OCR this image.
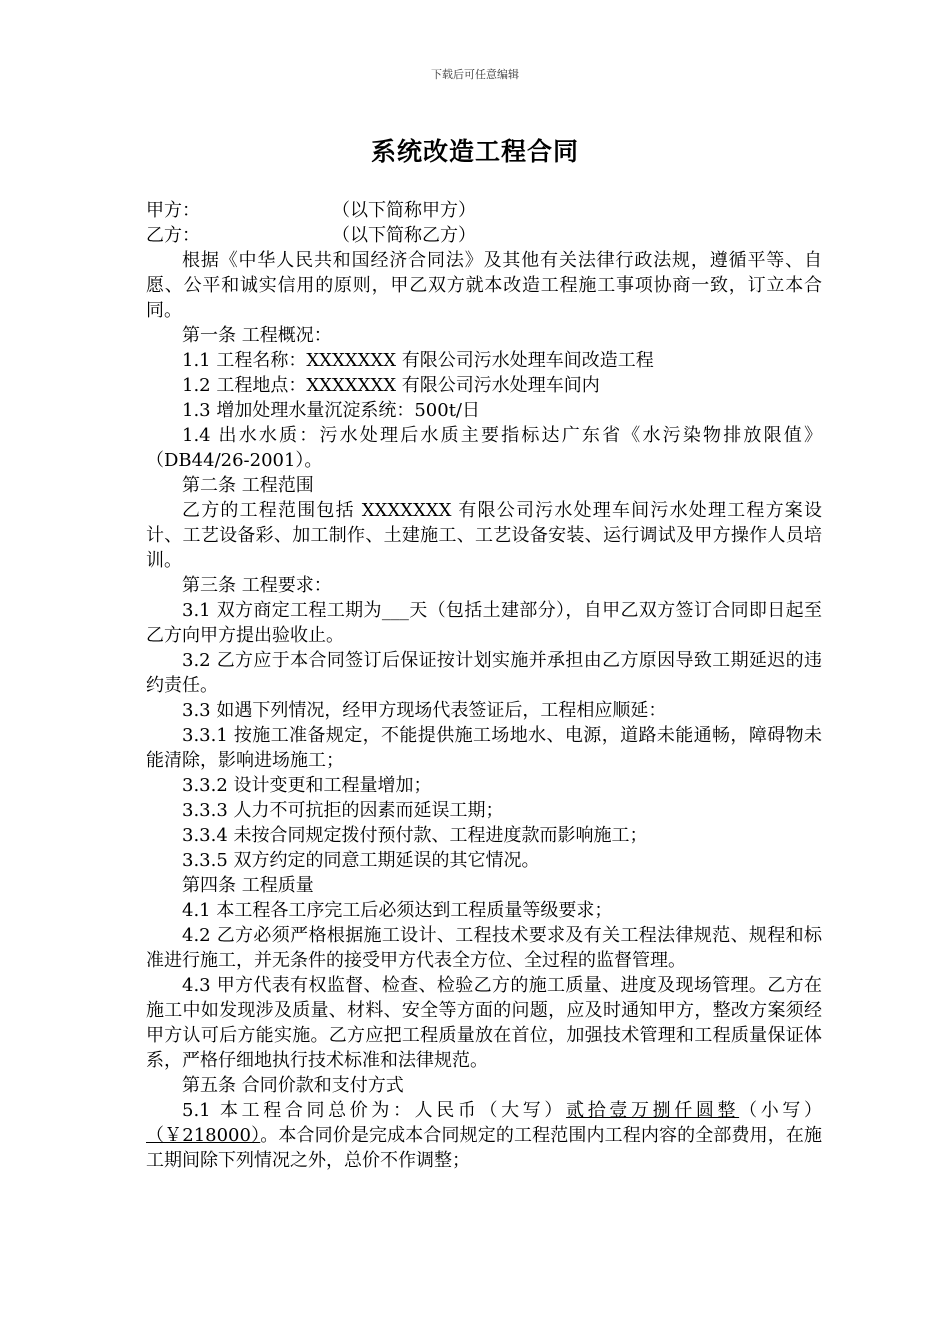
下载后可任意编辑
系统改造工程合同

甲方：	（以下简称甲方）

乙方：	（以下简称乙方）

根据《中华人民共和国经济合同法》及其他有关法律行政法规，遵循平等、自愿、公平和诚实信用的原则，甲乙双方就本改造工程施工事项协商一致，订立本合同。

第一条 工程概况：

1.1 工程名称：XXXXXXX 有限公司污水处理车间改造工程

1.2 工程地点：XXXXXXX 有限公司污水处理车间内

1.3 增加处理水量沉淀系统：500t/日

1.4 出水水质：污水处理后水质主要指标达广东省《水污染物排放限值》（DB44/26-2001）。

第二条 工程范围

乙方的工程范围包括 XXXXXXX 有限公司污水处理车间污水处理工程方案设计、工艺设备彩、加工制作、土建施工、工艺设备安装、运行调试及甲方操作人员培训。

第三条 工程要求：

3.1 双方商定工程工期为___天（包括土建部分），自甲乙双方签订合同即日起至乙方向甲方提出验收止。

3.2 乙方应于本合同签订后保证按计划实施并承担由乙方原因导致工期延迟的违约责任。

3.3 如遇下列情况，经甲方现场代表签证后，工程相应顺延：

3.3.1 按施工准备规定，不能提供施工场地水、电源，道路未能通畅，障碍物未能清除，影响进场施工；

3.3.2 设计变更和工程量增加；

3.3.3 人力不可抗拒的因素而延误工期；

3.3.4 未按合同规定拨付预付款、工程进度款而影响施工；

3.3.5 双方约定的同意工期延误的其它情况。

第四条 工程质量

4.1 本工程各工序完工后必须达到工程质量等级要求；

4.2 乙方必须严格根据施工设计、工程技术要求及有关工程法律规范、规程和标准进行施工，并无条件的接受甲方代表全方位、全过程的监督管理。

4.3 甲方代表有权监督、检查、检验乙方的施工质量、进度及现场管理。乙方在施工中如发现涉及质量、材料、安全等方面的问题，应及时通知甲方，整改方案须经甲方认可后方能实施。乙方应把工程质量放在首位，加强技术管理和工程质量保证体系，严格仔细地执行技术标准和法律规范。

第五条 合同价款和支付方式

5.1 本工程合同总价为：人民币（大写）贰拾壹万捌仟圆整（小写）（￥218000）。本合同价是完成本合同规定的工程范围内工程内容的全部费用，在施工期间除下列情况之外，总价不作调整；
